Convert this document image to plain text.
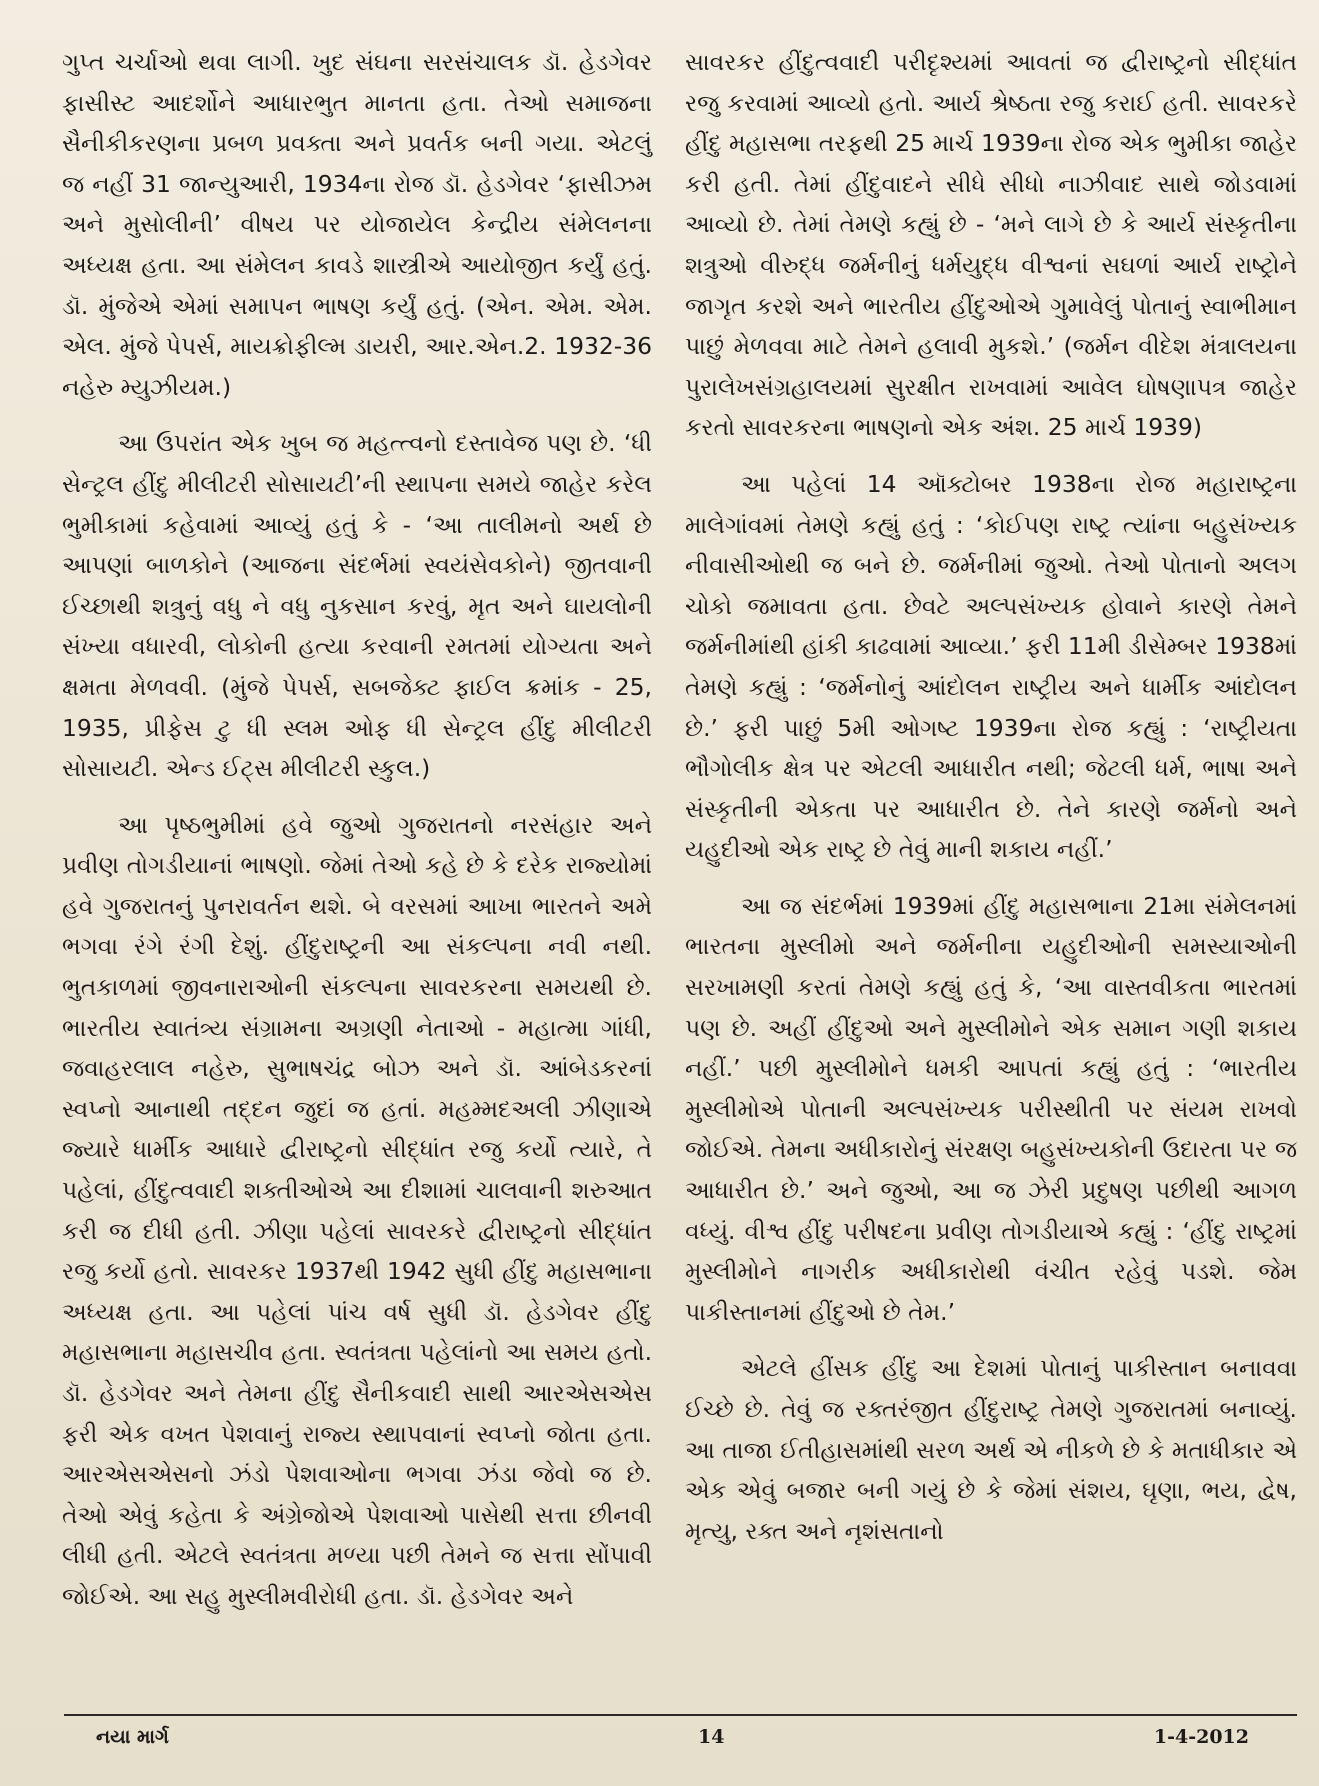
ગુપ્ત ચર્ચાઓ થવા લાગી. ખુદ સંઘના સરસંચાલક ડૉ. હેડગેવર ફાસીસ્ટ આદર્શોને આધારભુત માનતા હતા. તેઓ સમાજના સૈનીકીકરણના પ્રબળ પ્રવક્તા અને પ્રવર્તક બની ગયા. એટલું જ નહીં 31 જાન્યુઆરી, 1934ના રોજ ડૉ. હેડગેવર ‘ફાસીઝમ અને મુસોલીની’ વીષય પર યોજાયેલ કેન્દ્રીય સંમેલનના અધ્યક્ષ હતા. આ સંમેલન કાવડે શાસ્ત્રીએ આયોજીત કર્યું હતું. ડૉ. મુંજેએ એમાં સમાપન ભાષણ કર્યું હતું. (એન. એમ. એમ. એલ. મુંજે પેપર્સ, માયક્રોફીલ્મ ડાયરી, આર.એન.2. 1932-36 નહેરુ મ્યુઝીયમ.)

આ ઉપરાંત એક ખુબ જ મહત્ત્વનો દસ્તાવેજ પણ છે. ‘ધી સેન્ટ્રલ હીંદુ મીલીટરી સોસાયટી’ની સ્થાપના સમયે જાહેર કરેલ ભુમીકામાં કહેવામાં આવ્યું હતું કે - ‘આ તાલીમનો અર્થ છે આપણાં બાળકોને (આજના સંદર્ભમાં સ્વયંસેવકોને) જીતવાની ઈચ્છાથી શત્રુનું વધુ ને વધુ નુકસાન કરવું, મૃત અને ઘાયલોની સંખ્યા વધારવી, લોકોની હત્યા કરવાની રમતમાં યોગ્યતા અને ક્ષમતા મેળવવી. (મુંજે પેપર્સ, સબજેક્ટ ફાઈલ ક્રમાંક - 25, 1935, પ્રીફેસ ટુ ધી સ્લમ ઓફ ધી સેન્ટ્રલ હીંદુ મીલીટરી સોસાયટી. એન્ડ ઈટ્સ મીલીટરી સ્કુલ.)

આ પૃષ્ઠભુમીમાં હવે જુઓ ગુજરાતનો નરસંહાર અને પ્રવીણ તોગડીયાનાં ભાષણો. જેમાં તેઓ કહે છે કે દરેક રાજ્યોમાં હવે ગુજરાતનું પુનરાવર્તન થશે. બે વરસમાં આખા ભારતને અમે ભગવા રંગે રંગી દેશું. હીંદુરાષ્ટ્રની આ સંકલ્પના નવી નથી. ભુતકાળમાં જીવનારાઓની સંકલ્પના સાવરકરના સમયથી છે. ભારતીય સ્વાતંત્ર્ય સંગ્રામના અગ્રણી નેતાઓ - મહાત્મા ગાંધી, જવાહરલાલ નહેરુ, સુભાષચંદ્ર બોઝ અને ડૉ. આંબેડકરનાં સ્વપ્નો આનાથી તદ્દન જુદાં જ હતાં. મહમ્મદઅલી ઝીણાએ જ્યારે ધાર્મીક આધારે દ્વીરાષ્ટ્રનો સીદ્ધાંત રજુ કર્યો ત્યારે, તે પહેલાં, હીંદુત્વવાદી શક્તીઓએ આ દીશામાં ચાલવાની શરુઆત કરી જ દીધી હતી. ઝીણા પહેલાં સાવરકરે દ્વીરાષ્ટ્રનો સીદ્ધાંત રજુ કર્યો હતો. સાવરકર 1937થી 1942 સુધી હીંદુ મહાસભાના અધ્યક્ષ હતા. આ પહેલાં પાંચ વર્ષ સુધી ડૉ. હેડગેવર હીંદુ મહાસભાના મહાસચીવ હતા. સ્વતંત્રતા પહેલાંનો આ સમય હતો. ડૉ. હેડગેવર અને તેમના હીંદુ સૈનીકવાદી સાથી આરએસએસ ફરી એક વખત પેશવાનું રાજ્ય સ્થાપવાનાં સ્વપ્નો જોતા હતા. આરએસએસનો ઝંડો પેશવાઓના ભગવા ઝંડા જેવો જ છે. તેઓ એવું કહેતા કે અંગ્રેજોએ પેશવાઓ પાસેથી સત્તા છીનવી લીધી હતી. એટલે સ્વતંત્રતા મળ્યા પછી તેમને જ સત્તા સોંપાવી જોઈએ. આ સહુ મુસ્લીમવીરોધી હતા. ડૉ. હેડગેવર અને

સાવરકર હીંદુત્વવાદી પરીદૃશ્યમાં આવતાં જ દ્વીરાષ્ટ્રનો સીદ્ધાંત રજુ કરવામાં આવ્યો હતો. આર્ય શ્રેષ્ઠતા રજુ કરાઈ હતી. સાવરકરે હીંદુ મહાસભા તરફથી 25 માર્ચ 1939ના રોજ એક ભુમીકા જાહેર કરી હતી. તેમાં હીંદુવાદને સીધે સીધો નાઝીવાદ સાથે જોડવામાં આવ્યો છે. તેમાં તેમણે કહ્યું છે - ‘મને લાગે છે કે આર્ય સંસ્કૃતીના શત્રુઓ વીરુદ્ધ જર્મનીનું ધર્મયુદ્ધ વીશ્વનાં સઘળાં આર્ય રાષ્ટ્રોને જાગૃત કરશે અને ભારતીય હીંદુઓએ ગુમાવેલું પોતાનું સ્વાભીમાન પાછું મેળવવા માટે તેમને હલાવી મુકશે.’ (જર્મન વીદેશ મંત્રાલયના પુરાલેખસંગ્રહાલયમાં સુરક્ષીત રાખવામાં આવેલ ઘોષણાપત્ર જાહેર કરતો સાવરકરના ભાષણનો એક અંશ. 25 માર્ચ 1939)

આ પહેલાં 14 ઑક્ટોબર 1938ના રોજ મહારાષ્ટ્રના માલેગાંવમાં તેમણે કહ્યું હતું : ‘કોઈપણ રાષ્ટ્ર ત્યાંના બહુસંખ્યક નીવાસીઓથી જ બને છે. જર્મનીમાં જુઓ. તેઓ પોતાનો અલગ ચોકો જમાવતા હતા. છેવટે અલ્પસંખ્યક હોવાને કારણે તેમને જર્મનીમાંથી હાંકી કાઢવામાં આવ્યા.’ ફરી 11મી ડીસેમ્બર 1938માં તેમણે કહ્યું : ‘જર્મનોનું આંદોલન રાષ્ટ્રીય અને ધાર્મીક આંદોલન છે.’ ફરી પાછું 5મી ઓગષ્ટ 1939ના રોજ કહ્યું : ‘રાષ્ટ્રીયતા ભૌગોલીક ક્ષેત્ર પર એટલી આધારીત નથી; જેટલી ધર્મ, ભાષા અને સંસ્કૃતીની એકતા પર આધારીત છે. તેને કારણે જર્મનો અને યહુદીઓ એક રાષ્ટ્ર છે તેવું માની શકાય નહીં.’

આ જ સંદર્ભમાં 1939માં હીંદુ મહાસભાના 21મા સંમેલનમાં ભારતના મુસ્લીમો અને જર્મનીના યહુદીઓની સમસ્યાઓની સરખામણી કરતાં તેમણે કહ્યું હતું કે, ‘આ વાસ્તવીકતા ભારતમાં પણ છે. અહીં હીંદુઓ અને મુસ્લીમોને એક સમાન ગણી શકાય નહીં.’ પછી મુસ્લીમોને ધમકી આપતાં કહ્યું હતું : ‘ભારતીય મુસ્લીમોએ પોતાની અલ્પસંખ્યક પરીસ્થીતી પર સંયમ રાખવો જોઈએ. તેમના અધીકારોનું સંરક્ષણ બહુસંખ્યકોની ઉદારતા પર જ આધારીત છે.’ અને જુઓ, આ જ ઝેરી પ્રદુષણ પછીથી આગળ વધ્યું. વીશ્વ હીંદુ પરીષદના પ્રવીણ તોગડીયાએ કહ્યું : ‘હીંદુ રાષ્ટ્રમાં મુસ્લીમોને નાગરીક અધીકારોથી વંચીત રહેવું પડશે. જેમ પાકીસ્તાનમાં હીંદુઓ છે તેમ.’

એટલે હીંસક હીંદુ આ દેશમાં પોતાનું પાકીસ્તાન બનાવવા ઈચ્છે છે. તેવું જ રક્તરંજીત હીંદુરાષ્ટ્ર તેમણે ગુજરાતમાં બનાવ્યું. આ તાજા ઈતીહાસમાંથી સરળ અર્થ એ નીકળે છે કે મતાધીકાર એ એક એવું બજાર બની ગયું છે કે જેમાં સંશય, ઘૃણા, ભય, દ્વેષ, મૃત્યુ, રક્ત અને નૃશંસતાનો

નયા માર્ગ	14	1-4-2012
